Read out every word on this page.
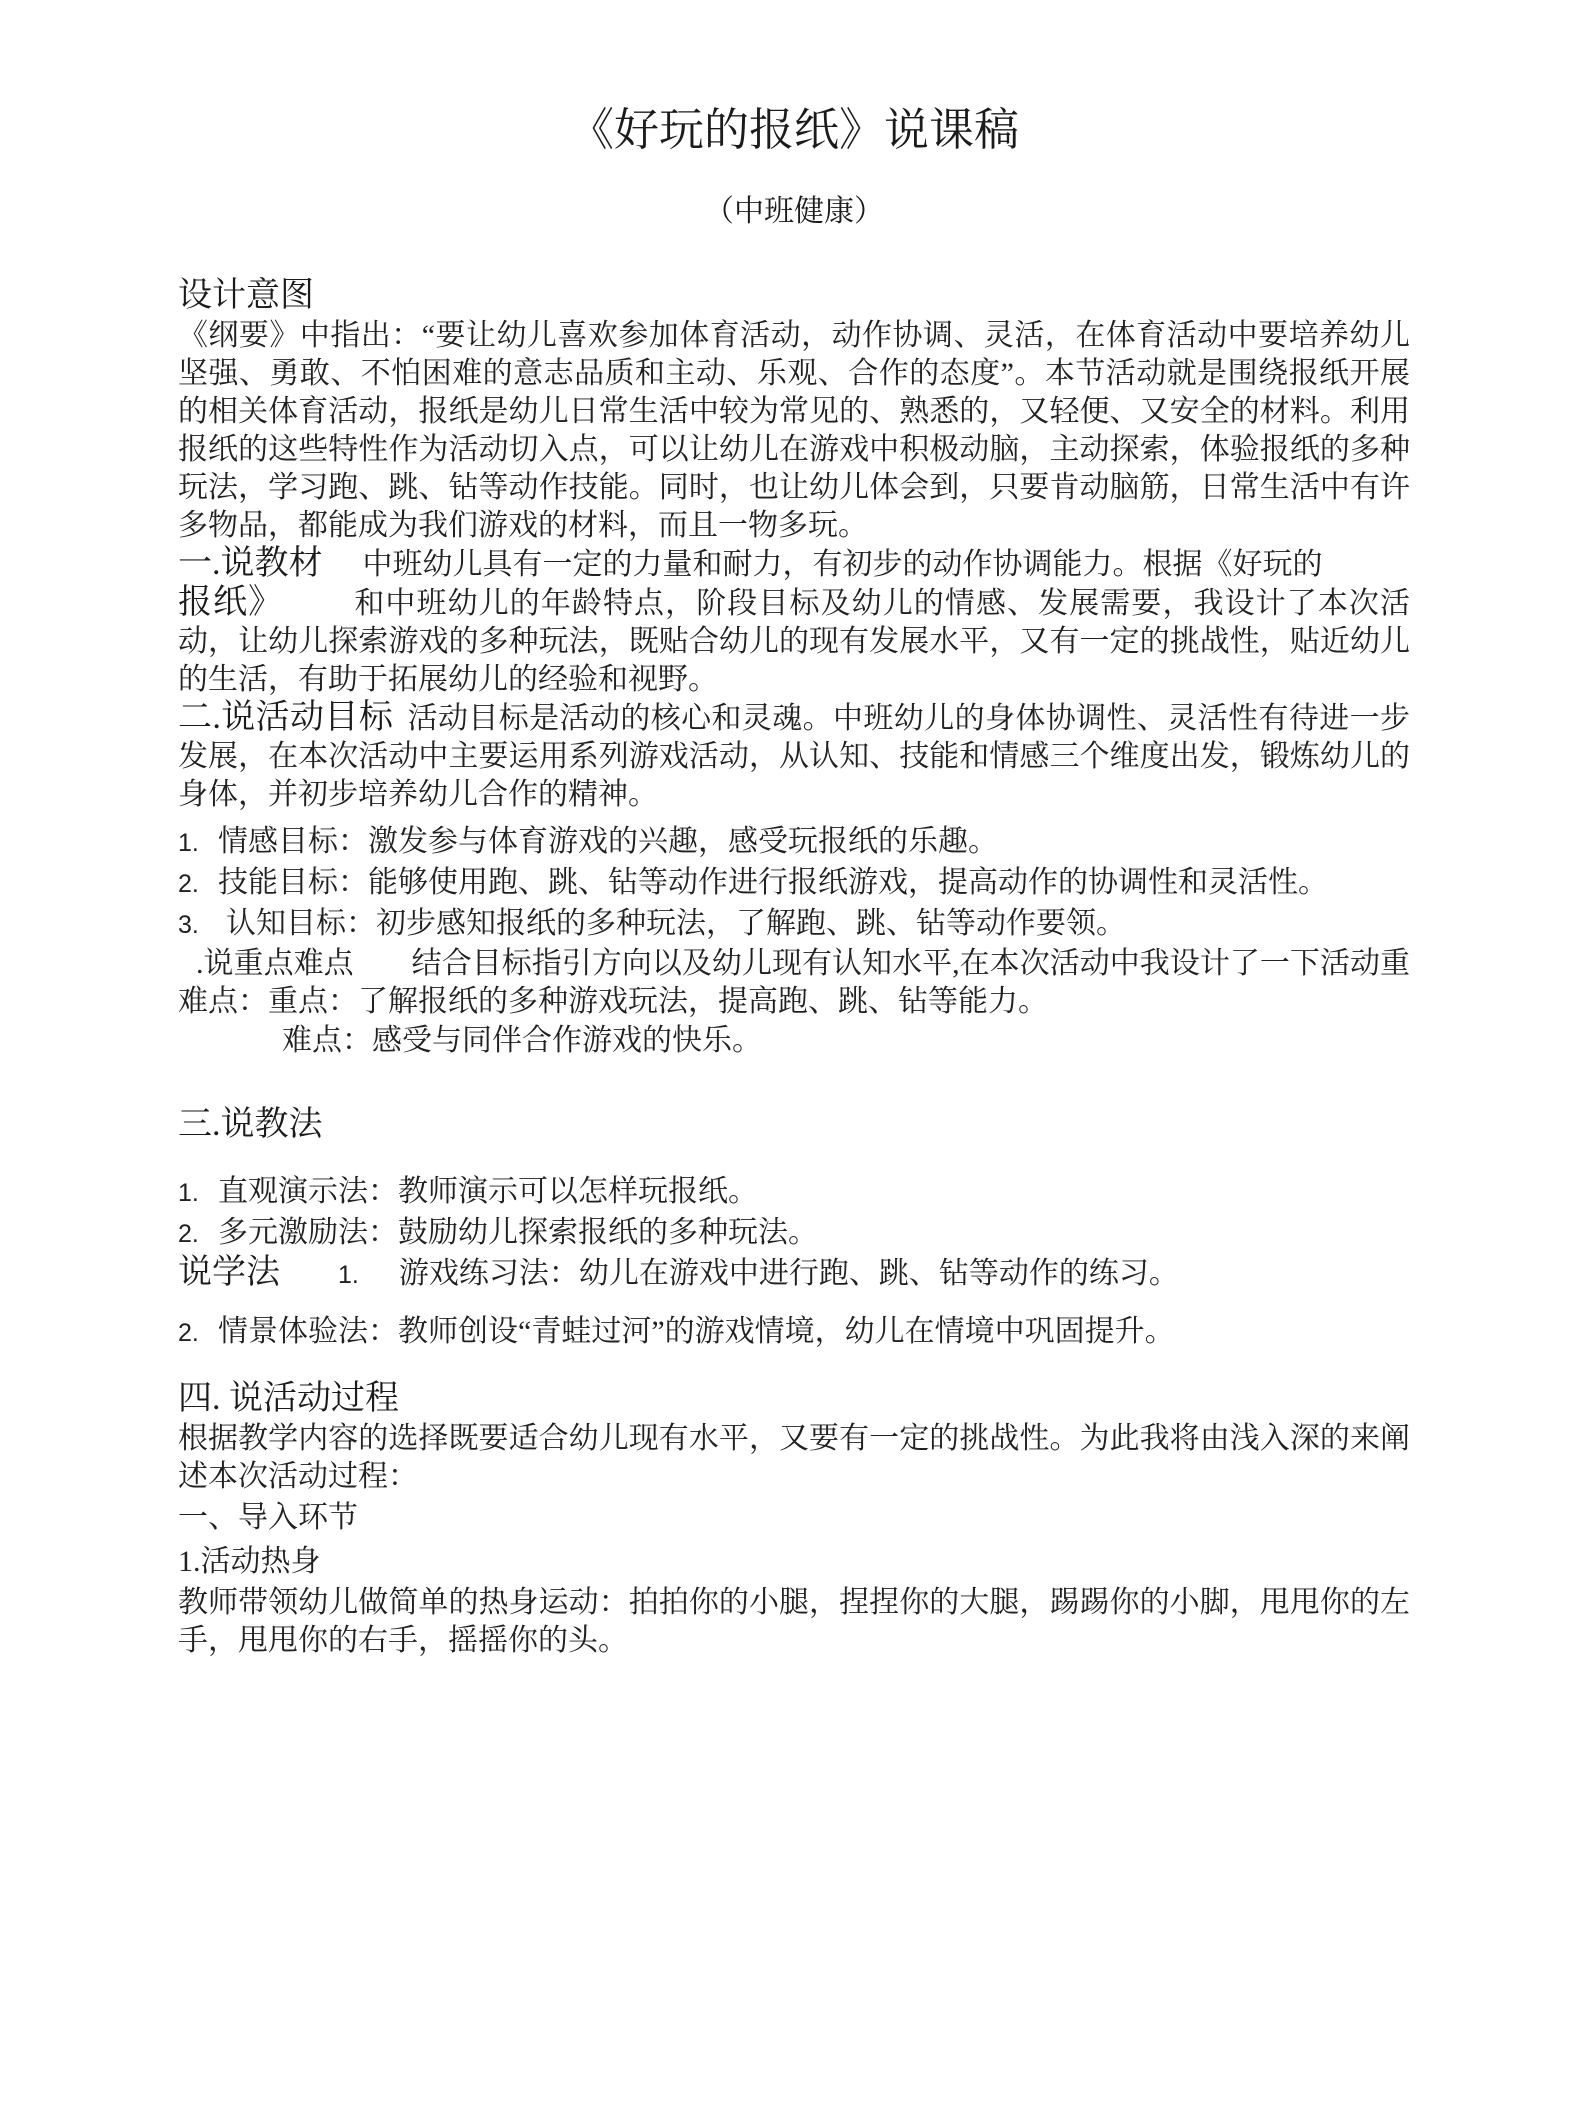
《好玩的报纸》说课稿
（中班健康）
设计意图

《纲要》中指出：“要让幼儿喜欢参加体育活动，动作协调、灵活，在体育活动中要培养幼儿坚强、勇敢、不怕困难的意志品质和主动、乐观、合作的态度”。本节活动就是围绕报纸开展的相关体育活动，报纸是幼儿日常生活中较为常见的、熟悉的，又轻便、又安全的材料。利用报纸的这些特性作为活动切入点，可以让幼儿在游戏中积极动脑，主动探索，体验报纸的多种玩法，学习跑、跳、钻等动作技能。同时，也让幼儿体会到，只要肯动脑筋，日常生活中有许多物品，都能成为我们游戏的材料，而且一物多玩。

一.说教材 中班幼儿具有一定的力量和耐力，有初步的动作协调能力。根据《好玩的

报纸》 和中班幼儿的年龄特点，阶段目标及幼儿的情感、发展需要，我设计了本次活动，让幼儿探索游戏的多种玩法，既贴合幼儿的现有发展水平，又有一定的挑战性，贴近幼儿的生活，有助于拓展幼儿的经验和视野。

二.说活动目标 活动目标是活动的核心和灵魂。中班幼儿的身体协调性、灵活性有待进一步发展，在本次活动中主要运用系列游戏活动，从认知、技能和情感三个维度出发，锻炼幼儿的身体，并初步培养幼儿合作的精神。

1. 情感目标：激发参与体育游戏的兴趣，感受玩报纸的乐趣。
2. 技能目标：能够使用跑、跳、钻等动作进行报纸游戏，提高动作的协调性和灵活性。
3. 认知目标：初步感知报纸的多种玩法，了解跑、跳、钻等动作要领。

.说重点难点 结合目标指引方向以及幼儿现有认知水平,在本次活动中我设计了一下活动重难点：重点：了解报纸的多种游戏玩法，提高跑、跳、钻等能力。

难点：感受与同伴合作游戏的快乐。

三.说教法
1. 直观演示法：教师演示可以怎样玩报纸。
2. 多元激励法：鼓励幼儿探索报纸的多种玩法。

说学法 1. 游戏练习法：幼儿在游戏中进行跑、跳、钻等动作的练习。

2. 情景体验法：教师创设“青蛙过河”的游戏情境，幼儿在情境中巩固提升。
四. 说活动过程

根据教学内容的选择既要适合幼儿现有水平，又要有一定的挑战性。为此我将由浅入深的来阐述本次活动过程：

一、导入环节

1.活动热身

教师带领幼儿做简单的热身运动：拍拍你的小腿，捏捏你的大腿，踢踢你的小脚，甩甩你的左手，甩甩你的右手，摇摇你的头。
